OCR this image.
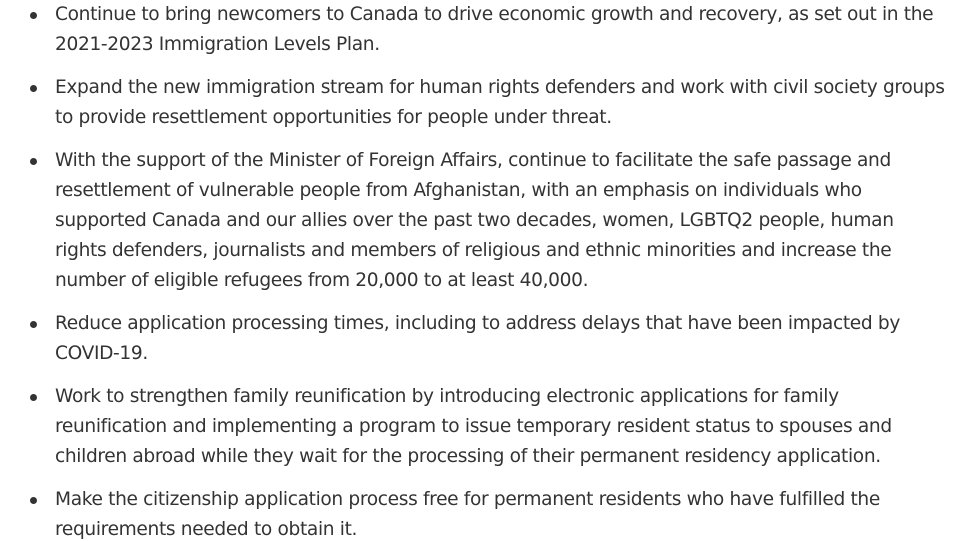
Continue to bring newcomers to Canada to drive economic growth and recovery, as set out in the 2021-2023 Immigration Levels Plan.
Expand the new immigration stream for human rights defenders and work with civil society groups to provide resettlement opportunities for people under threat.
With the support of the Minister of Foreign Affairs, continue to facilitate the safe passage and resettlement of vulnerable people from Afghanistan, with an emphasis on individuals who supported Canada and our allies over the past two decades, women, LGBTQ2 people, human rights defenders, journalists and members of religious and ethnic minorities and increase the number of eligible refugees from 20,000 to at least 40,000.
Reduce application processing times, including to address delays that have been impacted by COVID-19.
Work to strengthen family reunification by introducing electronic applications for family reunification and implementing a program to issue temporary resident status to spouses and children abroad while they wait for the processing of their permanent residency application.
Make the citizenship application process free for permanent residents who have fulfilled the requirements needed to obtain it.
